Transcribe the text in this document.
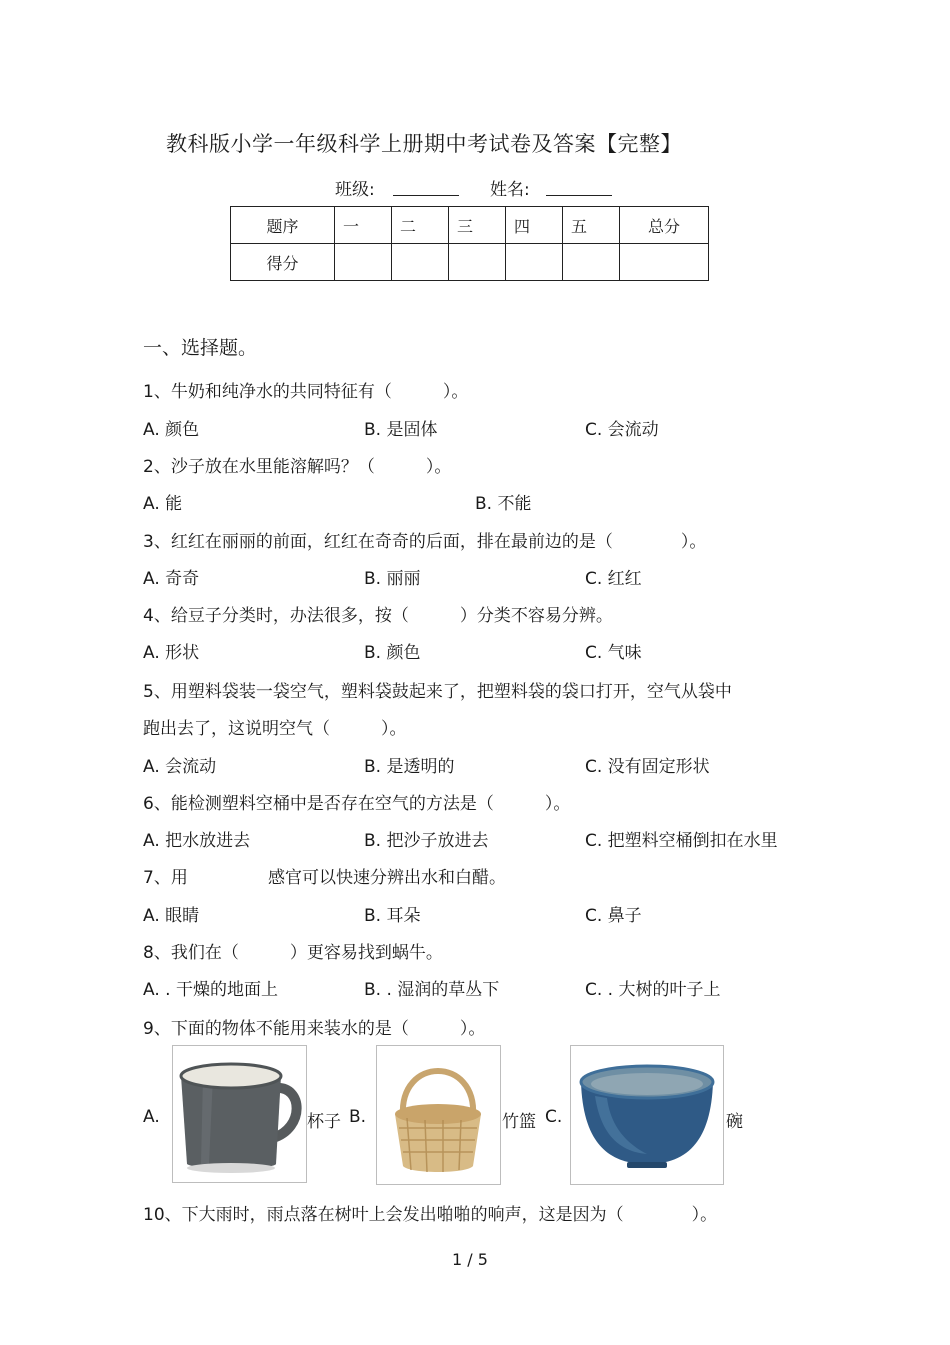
教科版小学一年级科学上册期中考试卷及答案【完整】
班级:	姓名:
题序	一	二	三	四	五	总分
得分						
一、选择题。
1、牛奶和纯净水的共同特征有（　　　）。
A. 颜色	B. 是固体	C. 会流动
2、沙子放在水里能溶解吗？（　　　）。
A. 能	B. 不能
3、红红在丽丽的前面，红红在奇奇的后面，排在最前边的是（　　　　）。
A. 奇奇	B. 丽丽	C. 红红
4、给豆子分类时，办法很多，按（　　　）分类不容易分辨。
A. 形状	B. 颜色	C. 气味
5、用塑料袋装一袋空气，塑料袋鼓起来了，把塑料袋的袋口打开，空气从袋中
跑出去了，这说明空气（　　　）。
A. 会流动	B. 是透明的	C. 没有固定形状
6、能检测塑料空桶中是否存在空气的方法是（　　　）。
A. 把水放进去	B. 把沙子放进去	C. 把塑料空桶倒扣在水里
7、用	感官可以快速分辨出水和白醋。
A. 眼睛	B. 耳朵	C. 鼻子
8、我们在（　　　）更容易找到蜗牛。
A. . 干燥的地面上	B. . 湿润的草丛下	C. . 大树的叶子上
9、下面的物体不能用来装水的是（　　　）。
A.	杯子 B.	竹篮 C.	碗
10、下大雨时，雨点落在树叶上会发出啪啪的响声，这是因为（　　　　）。
1 / 5
